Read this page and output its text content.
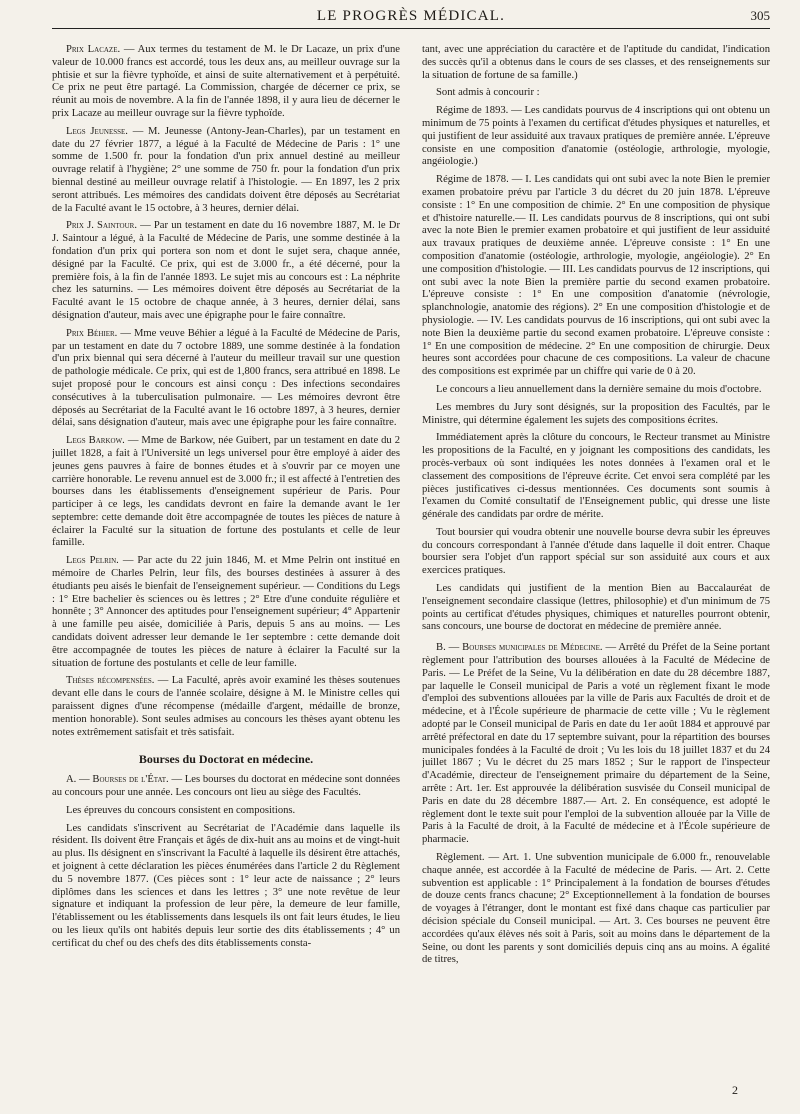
LE PROGRÈS MÉDICAL.	305

Prix Lacaze. — Aux termes du testament de M. le Dr Lacaze, un prix d'une valeur de 10.000 francs est accordé, tous les deux ans, au meilleur ouvrage sur la phtisie et sur la fièvre typhoïde, et ainsi de suite alternativement et à perpétuité. Ce prix ne peut être partagé. La Commission, chargée de décerner ce prix, se réunit au mois de novembre. A la fin de l'année 1898, il y aura lieu de décerner le prix Lacaze au meilleur ouvrage sur la fièvre typhoïde.

Legs Jeunesse. — M. Jeunesse (Antony-Jean-Charles), par un testament en date du 27 février 1877, a légué à la Faculté de Médecine de Paris : 1° une somme de 1.500 fr. pour la fondation d'un prix annuel destiné au meilleur ouvrage relatif à l'hygiène; 2° une somme de 750 fr. pour la fondation d'un prix biennal destiné au meilleur ouvrage relatif à l'histologie. — En 1897, les 2 prix seront attribués. Les mémoires des candidats doivent être déposés au Secrétariat de la Faculté avant le 15 octobre, à 3 heures, dernier délai.

Prix J. Saintour. — Par un testament en date du 16 novembre 1887, M. le Dr J. Saintour a légué, à la Faculté de Médecine de Paris, une somme destinée à la fondation d'un prix qui portera son nom et dont le sujet sera, chaque année, désigné par la Faculté. Ce prix, qui est de 3.000 fr., a été décerné, pour la première fois, à la fin de l'année 1893. Le sujet mis au concours est : La néphrite chez les saturnins. — Les mémoires doivent être déposés au Secrétariat de la Faculté avant le 15 octobre de chaque année, à 3 heures, dernier délai, sans désignation d'auteur, mais avec une épigraphe pour le faire connaître.

Prix Béhier. — Mme veuve Béhier a légué à la Faculté de Médecine de Paris, par un testament en date du 7 octobre 1889, une somme destinée à la fondation d'un prix biennal qui sera décerné à l'auteur du meilleur travail sur une question de pathologie médicale. Ce prix, qui est de 1,800 francs, sera attribué en 1898. Le sujet proposé pour le concours est ainsi conçu : Des infections secondaires consécutives à la tuberculisation pulmonaire. — Les mémoires devront être déposés au Secrétariat de la Faculté avant le 16 octobre 1897, à 3 heures, dernier délai, sans désignation d'auteur, mais avec une épigraphe pour les faire connaître.

Legs Barkow. — Mme de Barkow, née Guibert, par un testament en date du 2 juillet 1828, a fait à l'Université un legs universel pour être employé à aider des jeunes gens pauvres à faire de bonnes études et à s'ouvrir par ce moyen une carrière honorable. Le revenu annuel est de 3.000 fr.; il est affecté à l'entretien des bourses dans les établissements d'enseignement supérieur de Paris. Pour participer à ce legs, les candidats devront en faire la demande avant le 1er septembre: cette demande doit être accompagnée de toutes les pièces de nature à éclairer la Faculté sur la situation de fortune des postulants et celle de leur famille.

Legs Pelrin. — Par acte du 22 juin 1846, M. et Mme Pelrin ont institué en mémoire de Charles Pelrin, leur fils, des bourses destinées à assurer à des étudiants peu aisés le bienfait de l'enseignement supérieur. — Conditions du Legs : 1° Etre bachelier ès sciences ou ès lettres ; 2° Etre d'une conduite régulière et honnête ; 3° Annoncer des aptitudes pour l'enseignement supérieur; 4° Appartenir à une famille peu aisée, domiciliée à Paris, depuis 5 ans au moins. — Les candidats doivent adresser leur demande le 1er septembre : cette demande doit être accompagnée de toutes les pièces de nature à éclairer la Faculté sur la situation de fortune des postulants et celle de leur famille.

Thèses récompensées. — La Faculté, après avoir examiné les thèses soutenues devant elle dans le cours de l'année scolaire, désigne à M. le Ministre celles qui paraissent dignes d'une récompense (médaille d'argent, médaille de bronze, mention honorable). Sont seules admises au concours les thèses ayant obtenu les notes extrêmement satisfait et très satisfait.

Bourses du Doctorat en médecine.

A. — Bourses de l'État. — Les bourses du doctorat en médecine sont données au concours pour une année. Les concours ont lieu au siège des Facultés.

Les épreuves du concours consistent en compositions.

Les candidats s'inscrivent au Secrétariat de l'Académie dans laquelle ils résident. Ils doivent être Français et âgés de dix-huit ans au moins et de vingt-huit au plus. Ils désignent en s'inscrivant la Faculté à laquelle ils désirent être attachés, et joignent à cette déclaration les pièces énumérées dans l'article 2 du Règlement du 5 novembre 1877. (Ces pièces sont : 1° leur acte de naissance ; 2° leurs diplômes dans les sciences et dans les lettres ; 3° une note revêtue de leur signature et indiquant la profession de leur père, la demeure de leur famille, l'établissement ou les établissements dans lesquels ils ont fait leurs études, le lieu ou les lieux qu'ils ont habités depuis leur sortie des dits établissements ; 4° un certificat du chef ou des chefs des dits établissements consta-

tant, avec une appréciation du caractère et de l'aptitude du candidat, l'indication des succès qu'il a obtenus dans le cours de ses classes, et des renseignements sur la situation de fortune de sa famille.)

Sont admis à concourir :

Régime de 1893. — Les candidats pourvus de 4 inscriptions qui ont obtenu un minimum de 75 points à l'examen du certificat d'études physiques et naturelles, et qui justifient de leur assiduité aux travaux pratiques de première année. L'épreuve consiste en une composition d'anatomie (ostéologie, arthrologie, myologie, angéiologie.)

Régime de 1878. — I. Les candidats qui ont subi avec la note Bien le premier examen probatoire prévu par l'article 3 du décret du 20 juin 1878. L'épreuve consiste : 1° En une composition de chimie. 2° En une composition de physique et d'histoire naturelle.— II. Les candidats pourvus de 8 inscriptions, qui ont subi avec la note Bien le premier examen probatoire et qui justifient de leur assiduité aux travaux pratiques de deuxième année. L'épreuve consiste : 1° En une composition d'anatomie (ostéologie, arthrologie, myologie, angéiologie). 2° En une composition d'histologie. — III. Les candidats pourvus de 12 inscriptions, qui ont subi avec la note Bien la première partie du second examen probatoire. L'épreuve consiste : 1° En une composition d'anatomie (névrologie, splanchnologie, anatomie des régions). 2° En une composition d'histologie et de physiologie. — IV. Les candidats pourvus de 16 inscriptions, qui ont subi avec la note Bien la deuxième partie du second examen probatoire. L'épreuve consiste : 1° En une composition de médecine. 2° En une composition de chirurgie. Deux heures sont accordées pour chacune de ces compositions. La valeur de chacune des compositions est exprimée par un chiffre qui varie de 0 à 20.

Le concours a lieu annuellement dans la dernière semaine du mois d'octobre.

Les membres du Jury sont désignés, sur la proposition des Facultés, par le Ministre, qui détermine également les sujets des compositions écrites.

Immédiatement après la clôture du concours, le Recteur transmet au Ministre les propositions de la Faculté, en y joignant les compositions des candidats, les procès-verbaux où sont indiquées les notes données à l'examen oral et le classement des compositions de l'épreuve écrite. Cet envoi sera complété par les pièces justificatives ci-dessus mentionnées. Ces documents sont soumis à l'examen du Comité consultatif de l'Enseignement public, qui dresse une liste générale des candidats par ordre de mérite.

Tout boursier qui voudra obtenir une nouvelle bourse devra subir les épreuves du concours correspondant à l'année d'étude dans laquelle il doit entrer. Chaque boursier sera l'objet d'un rapport spécial sur son assiduité aux cours et aux exercices pratiques.

Les candidats qui justifient de la mention Bien au Baccalauréat de l'enseignement secondaire classique (lettres, philosophie) et d'un minimum de 75 points au certificat d'études physiques, chimiques et naturelles pourront obtenir, sans concours, une bourse de doctorat en médecine de première année.

B. — Bourses municipales de Médecine. — Arrêté du Préfet de la Seine portant règlement pour l'attribution des bourses allouées à la Faculté de Médecine de Paris. — Le Préfet de la Seine, Vu la délibération en date du 28 décembre 1887, par laquelle le Conseil municipal de Paris a voté un règlement fixant le mode d'emploi des subventions allouées par la ville de Paris aux Facultés de droit et de médecine, et à l'École supérieure de pharmacie de cette ville ; Vu le règlement adopté par le Conseil municipal de Paris en date du 1er août 1884 et approuvé par arrêté préfectoral en date du 17 septembre suivant, pour la répartition des bourses municipales fondées à la Faculté de droit ; Vu les lois du 18 juillet 1837 et du 24 juillet 1867 ; Vu le décret du 25 mars 1852 ; Sur le rapport de l'inspecteur d'Académie, directeur de l'enseignement primaire du département de la Seine, arrête : Art. 1er. Est approuvée la délibération susvisée du Conseil municipal de Paris en date du 28 décembre 1887.— Art. 2. En conséquence, est adopté le règlement dont le texte suit pour l'emploi de la subvention allouée par la Ville de Paris à la Faculté de droit, à la Faculté de médecine et à l'École supérieure de pharmacie.

Règlement. — Art. 1. Une subvention municipale de 6.000 fr., renouvelable chaque année, est accordée à la Faculté de médecine de Paris. — Art. 2. Cette subvention est applicable : 1° Principalement à la fondation de bourses d'études de douze cents francs chacune; 2° Exceptionnellement à la fondation de bourses de voyages à l'étranger, dont le montant est fixé dans chaque cas particulier par décision spéciale du Conseil municipal. — Art. 3. Ces bourses ne peuvent être accordées qu'aux élèves nés soit à Paris, soit au moins dans le département de la Seine, ou dont les parents y sont domiciliés depuis cinq ans au moins. A égalité de titres,

2
